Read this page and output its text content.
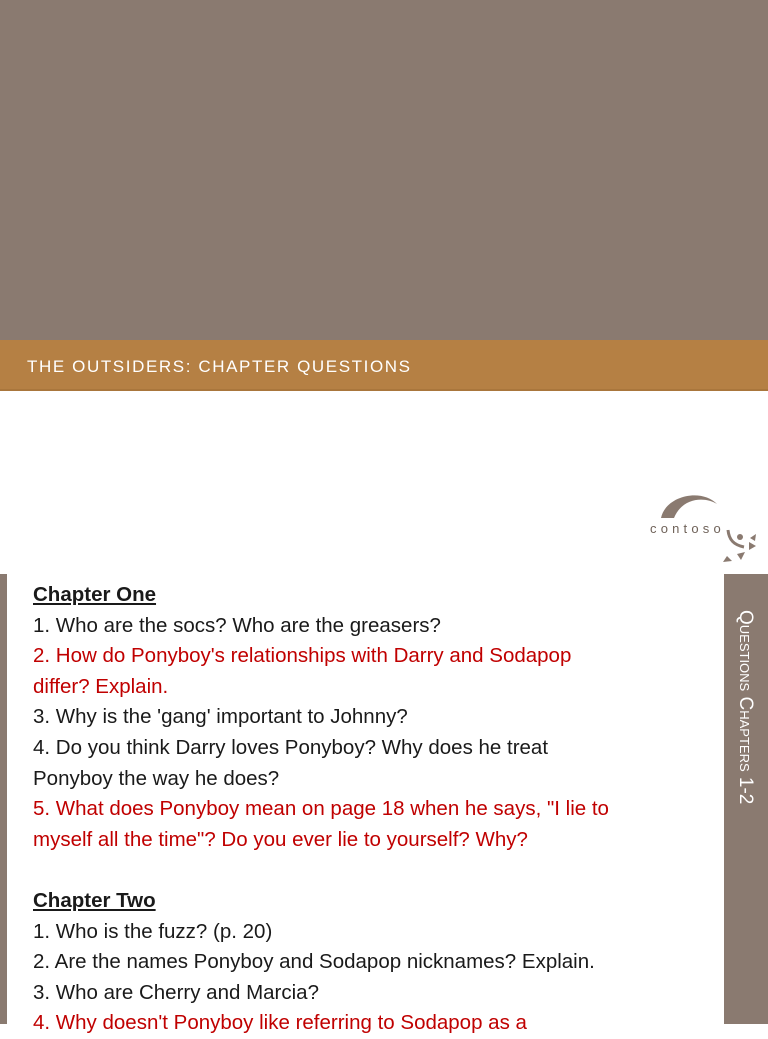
THE OUTSIDERS: CHAPTER QUESTIONS
contoso
Questions Chapters 1-2
Chapter One
1. Who are the socs? Who are the greasers?
2. How do Ponyboy's relationships with Darry and Sodapop
differ? Explain.
3. Why is the 'gang' important to Johnny?
4. Do you think Darry loves Ponyboy? Why does he treat
Ponyboy the way he does?
5. What does Ponyboy mean on page 18 when he says, "I lie to
myself all the time"? Do you ever lie to yourself? Why?
Chapter Two
1. Who is the fuzz? (p. 20)
2. Are the names Ponyboy and Sodapop nicknames? Explain.
3. Who are Cherry and Marcia?
4. Why doesn't Ponyboy like referring to Sodapop as a
